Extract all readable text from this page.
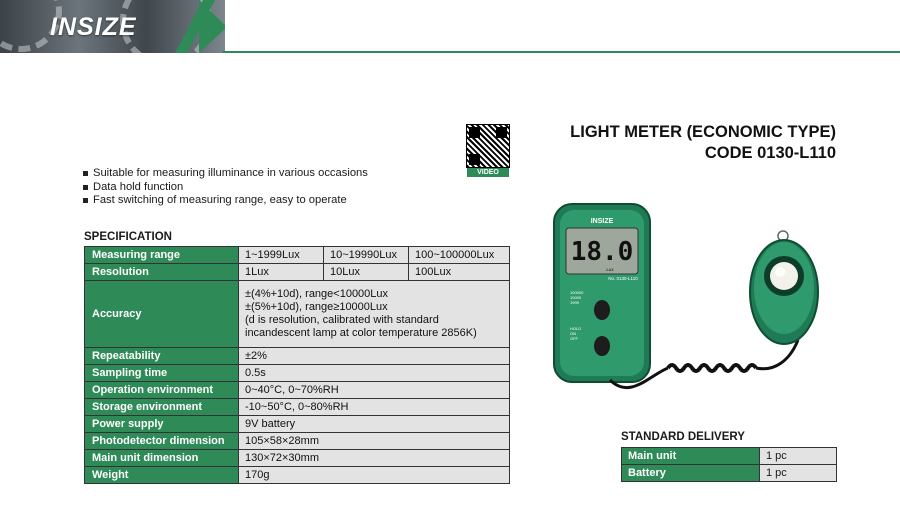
INSIZE
LIGHT METER (ECONOMIC TYPE)
CODE 0130-L110
VIDEO
Suitable for measuring illuminance in various occasions
Data hold function
Fast switching of measuring range, easy to operate
SPECIFICATION
Measuring range	1~1999Lux	10~19990Lux	100~100000Lux
Resolution	1Lux	10Lux	100Lux
Accuracy	±(4%+10d), range<10000Lux
±(5%+10d), range≥10000Lux
(d is resolution, calibrated with standard
incandescent lamp at color temperature 2856K)		

Repeatability	±2%		
Sampling time	0.5s		
Operation environment	0~40°C, 0~70%RH		
Storage environment	-10~50°C, 0~80%RH		
Power supply	9V battery		
Photodetector dimension	105×58×28mm		
Main unit dimension	130×72×30mm		
Weight	170g		
INSIZE
18.0
Lux
No. 0130-L110
100000
10000
1999
HOLD
ON
OFF
STANDARD DELIVERY
Main unit	1 pc
Battery	1 pc
